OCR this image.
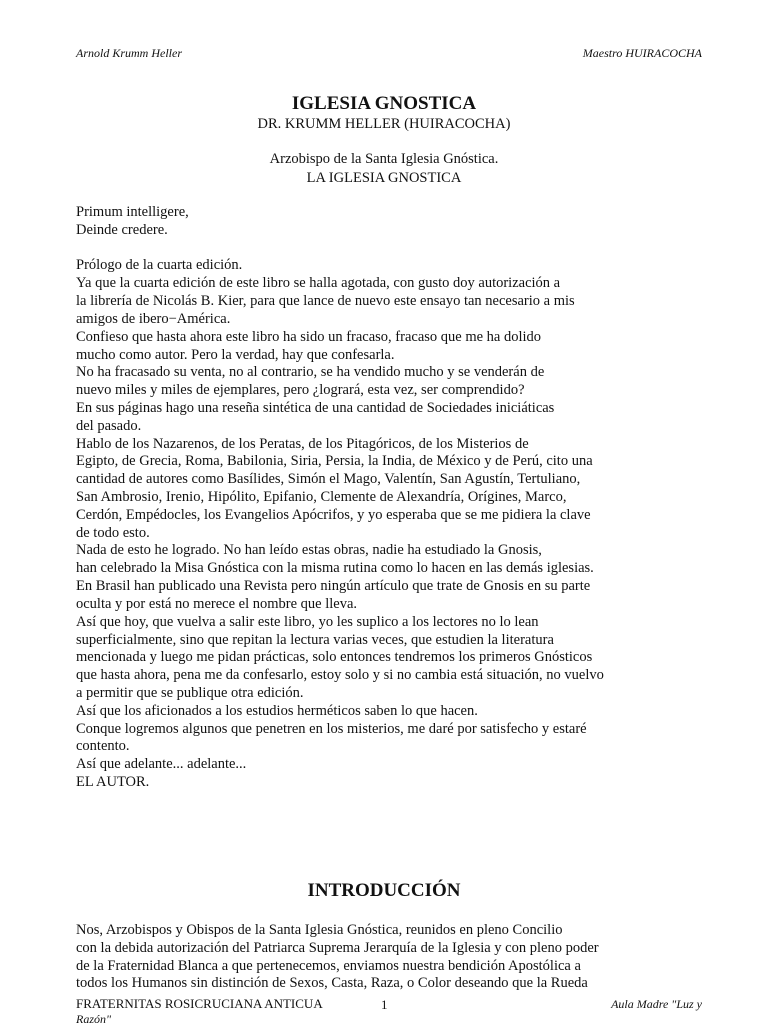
Arnold Krumm Heller	Maestro HUIRACOCHA
IGLESIA GNOSTICA
DR. KRUMM HELLER (HUIRACOCHA)
Arzobispo de la Santa Iglesia Gnóstica.
LA IGLESIA GNOSTICA
Primum intelligere,
Deinde credere.
Prólogo de la cuarta edición.
Ya que la cuarta edición de este libro se halla agotada, con gusto doy autorización a
la librería de Nicolás B. Kier, para que lance de nuevo este ensayo tan necesario a mis
amigos de ibero−América.
Confieso que hasta ahora este libro ha sido un fracaso, fracaso que me ha dolido
mucho como autor. Pero la verdad, hay que confesarla.
No ha fracasado su venta, no al contrario, se ha vendido mucho y se venderán de
nuevo miles y miles de ejemplares, pero ¿logrará, esta vez, ser comprendido?
En sus páginas hago una reseña sintética de una cantidad de Sociedades iniciáticas
del pasado.
Hablo de los Nazarenos, de los Peratas, de los Pitagóricos, de los Misterios de
Egipto, de Grecia, Roma, Babilonia, Siria, Persia, la India, de México y de Perú, cito una
cantidad de autores como Basílides, Simón el Mago, Valentín, San Agustín, Tertuliano,
San Ambrosio, Irenio, Hipólito, Epifanio, Clemente de Alexandría, Orígines, Marco,
Cerdón, Empédocles, los Evangelios Apócrifos, y yo esperaba que se me pidiera la clave
de todo esto.
Nada de esto he logrado. No han leído estas obras, nadie ha estudiado la Gnosis,
han celebrado la Misa Gnóstica con la misma rutina como lo hacen en las demás iglesias.
En Brasil han publicado una Revista pero ningún artículo que trate de Gnosis en su parte
oculta y por está no merece el nombre que lleva.
Así que hoy, que vuelva a salir este libro, yo les suplico a los lectores no lo lean
superficialmente, sino que repitan la lectura varias veces, que estudien la literatura
mencionada y luego me pidan prácticas, solo entonces tendremos los primeros Gnósticos
que hasta ahora, pena me da confesarlo, estoy solo y si no cambia está situación, no vuelvo
a permitir que se publique otra edición.
Así que los aficionados a los estudios herméticos saben lo que hacen.
Conque logremos algunos que penetren en los misterios, me daré por satisfecho y estaré
contento.
Así que adelante... adelante...
EL AUTOR.
INTRODUCCIÓN
Nos, Arzobispos y Obispos de la Santa Iglesia Gnóstica, reunidos en pleno Concilio
con la debida autorización del Patriarca Suprema Jerarquía de la Iglesia y con pleno poder
de la Fraternidad Blanca a que pertenecemos, enviamos nuestra bendición Apostólica a
todos los Humanos sin distinción de Sexos, Casta, Raza, o Color deseando que la Rueda
FRATERNITAS ROSICRUCIANA ANTICUA
Razón"
1	Aula Madre "Luz y
